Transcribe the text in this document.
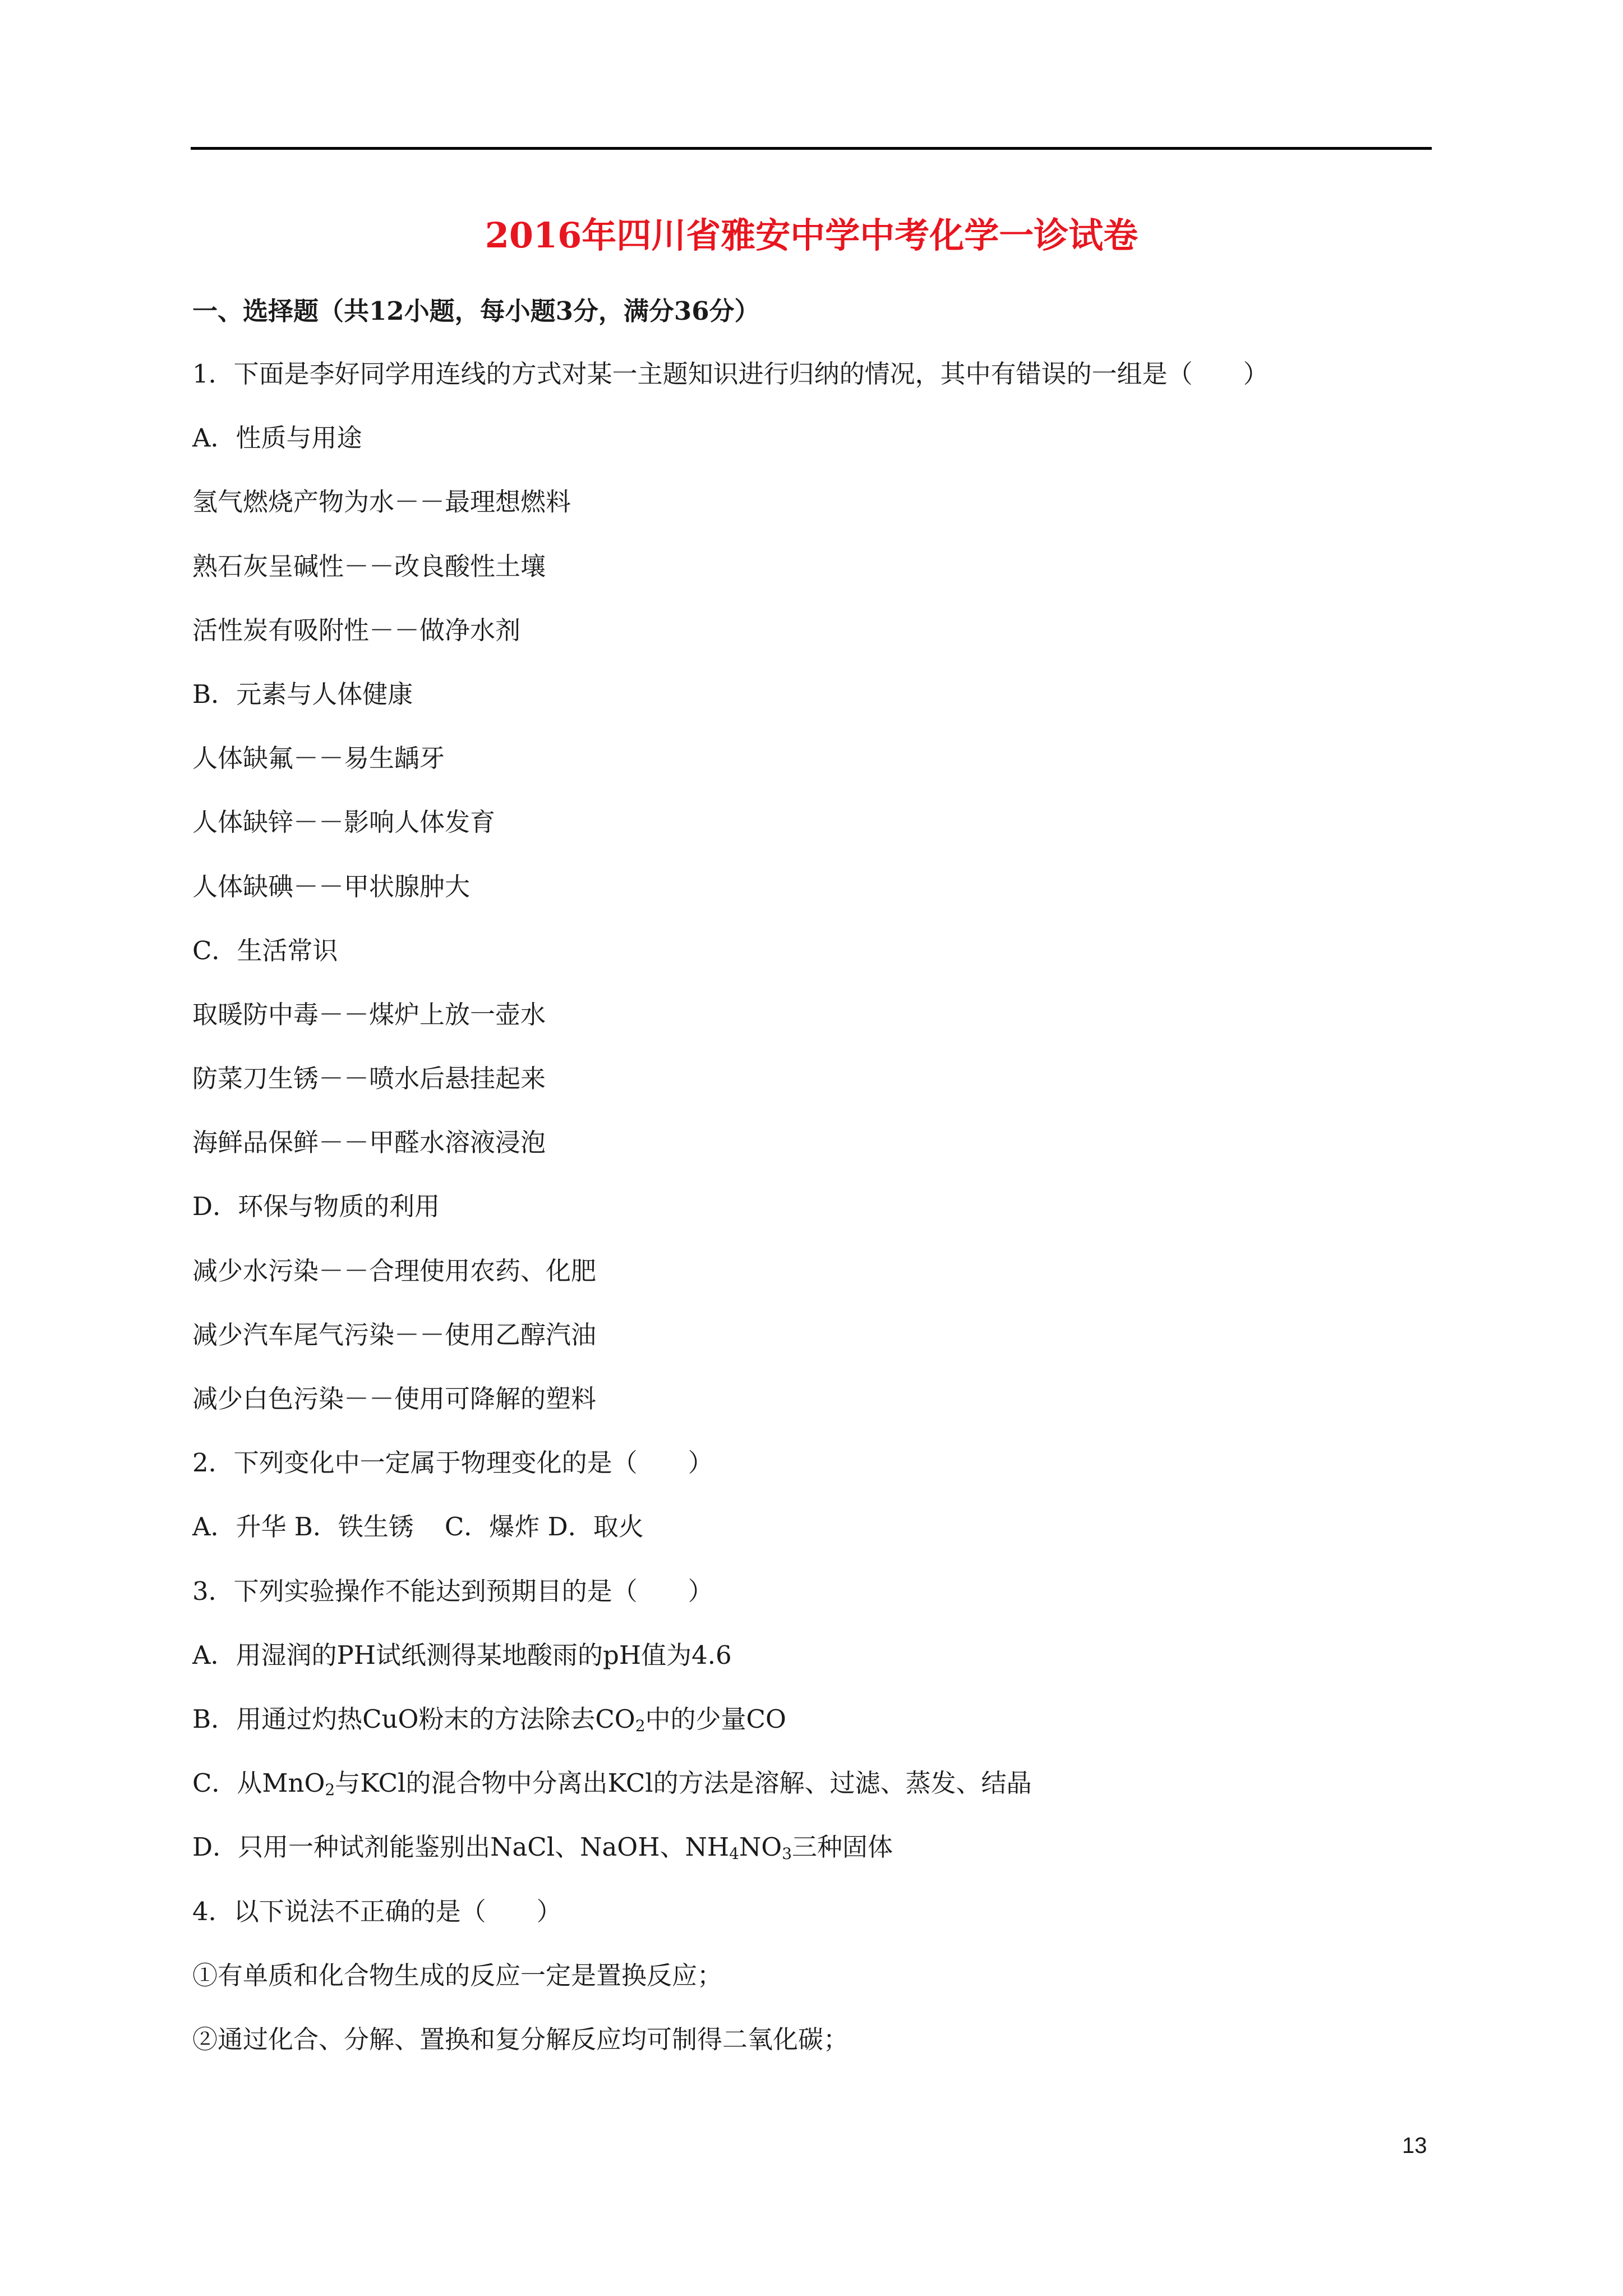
2016年四川省雅安中学中考化学一诊试卷
一、选择题（共12小题，每小题3分，满分36分）
1．下面是李好同学用连线的方式对某一主题知识进行归纳的情况，其中有错误的一组是（　　）
A．性质与用途
氢气燃烧产物为水－－最理想燃料
熟石灰呈碱性－－改良酸性土壤
活性炭有吸附性－－做净水剂
B．元素与人体健康
人体缺氟－－易生龋牙
人体缺锌－－影响人体发育
人体缺碘－－甲状腺肿大
C．生活常识
取暖防中毒－－煤炉上放一壶水
防菜刀生锈－－喷水后悬挂起来
海鲜品保鲜－－甲醛水溶液浸泡
D．环保与物质的利用
减少水污染－－合理使用农药、化肥
减少汽车尾气污染－－使用乙醇汽油
减少白色污染－－使用可降解的塑料
2．下列变化中一定属于物理变化的是（　　）
A．升华 B．铁生锈 C．爆炸 D．取火
3．下列实验操作不能达到预期目的是（　　）
A．用湿润的PH试纸测得某地酸雨的pH值为4.6
B．用通过灼热CuO粉末的方法除去$CO_2$中的少量CO
C．从MnO$_2$与KCl的混合物中分离出KCl的方法是溶解、过滤、蒸发、结晶
D．只用一种试剂能鉴别出NaCl、NaOH、$NH_4NO_3$三种固体
4．以下说法不正确的是（　　）
①有单质和化合物生成的反应一定是置换反应；
②通过化合、分解、置换和复分解反应均可制得二氧化碳；
13
